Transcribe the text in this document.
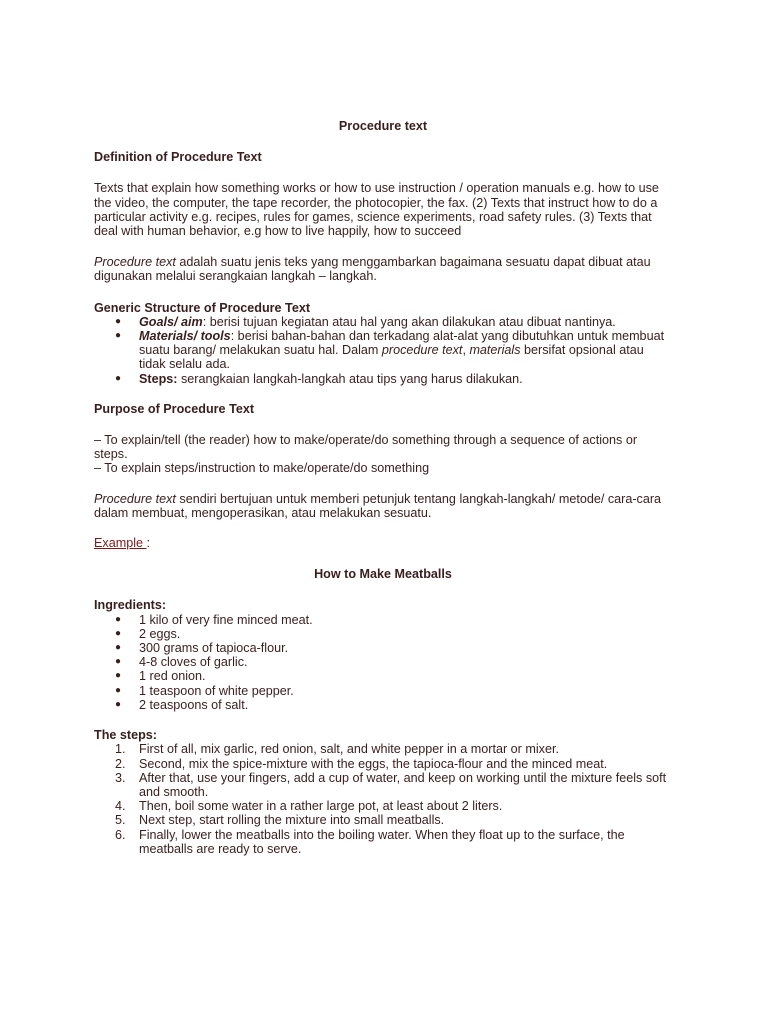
Procedure text

Definition of Procedure Text

Texts that explain how something works or how to use instruction / operation manuals e.g. how to use the video, the computer, the tape recorder, the photocopier, the fax. (2) Texts that instruct how to do a particular activity e.g. recipes, rules for games, science experiments, road safety rules. (3) Texts that deal with human behavior, e.g how to live happily, how to succeed

Procedure text adalah suatu jenis teks yang menggambarkan bagaimana sesuatu dapat dibuat atau digunakan melalui serangkaian langkah – langkah.

Generic Structure of Procedure Text

● Goals/ aim: berisi tujuan kegiatan atau hal yang akan dilakukan atau dibuat nantinya.
● Materials/ tools: berisi bahan-bahan dan terkadang alat-alat yang dibutuhkan untuk membuat suatu barang/ melakukan suatu hal. Dalam procedure text, materials bersifat opsional atau tidak selalu ada.
● Steps: serangkaian langkah-langkah atau tips yang harus dilakukan.

Purpose of Procedure Text

– To explain/tell (the reader) how to make/operate/do something through a sequence of actions or steps.

– To explain steps/instruction to make/operate/do something

Procedure text sendiri bertujuan untuk memberi petunjuk tentang langkah-langkah/ metode/ cara-cara dalam membuat, mengoperasikan, atau melakukan sesuatu.

Example :

How to Make Meatballs

Ingredients:

● 1 kilo of very fine minced meat.
● 2 eggs.
● 300 grams of tapioca-flour.
● 4-8 cloves of garlic.
● 1 red onion.
● 1 teaspoon of white pepper.
● 2 teaspoons of salt.

The steps:

1. First of all, mix garlic, red onion, salt, and white pepper in a mortar or mixer.
2. Second, mix the spice-mixture with the eggs, the tapioca-flour and the minced meat.
3. After that, use your fingers, add a cup of water, and keep on working until the mixture feels soft and smooth.
4. Then, boil some water in a rather large pot, at least about 2 liters.
5. Next step, start rolling the mixture into small meatballs.
6. Finally, lower the meatballs into the boiling water. When they float up to the surface, the meatballs are ready to serve.
